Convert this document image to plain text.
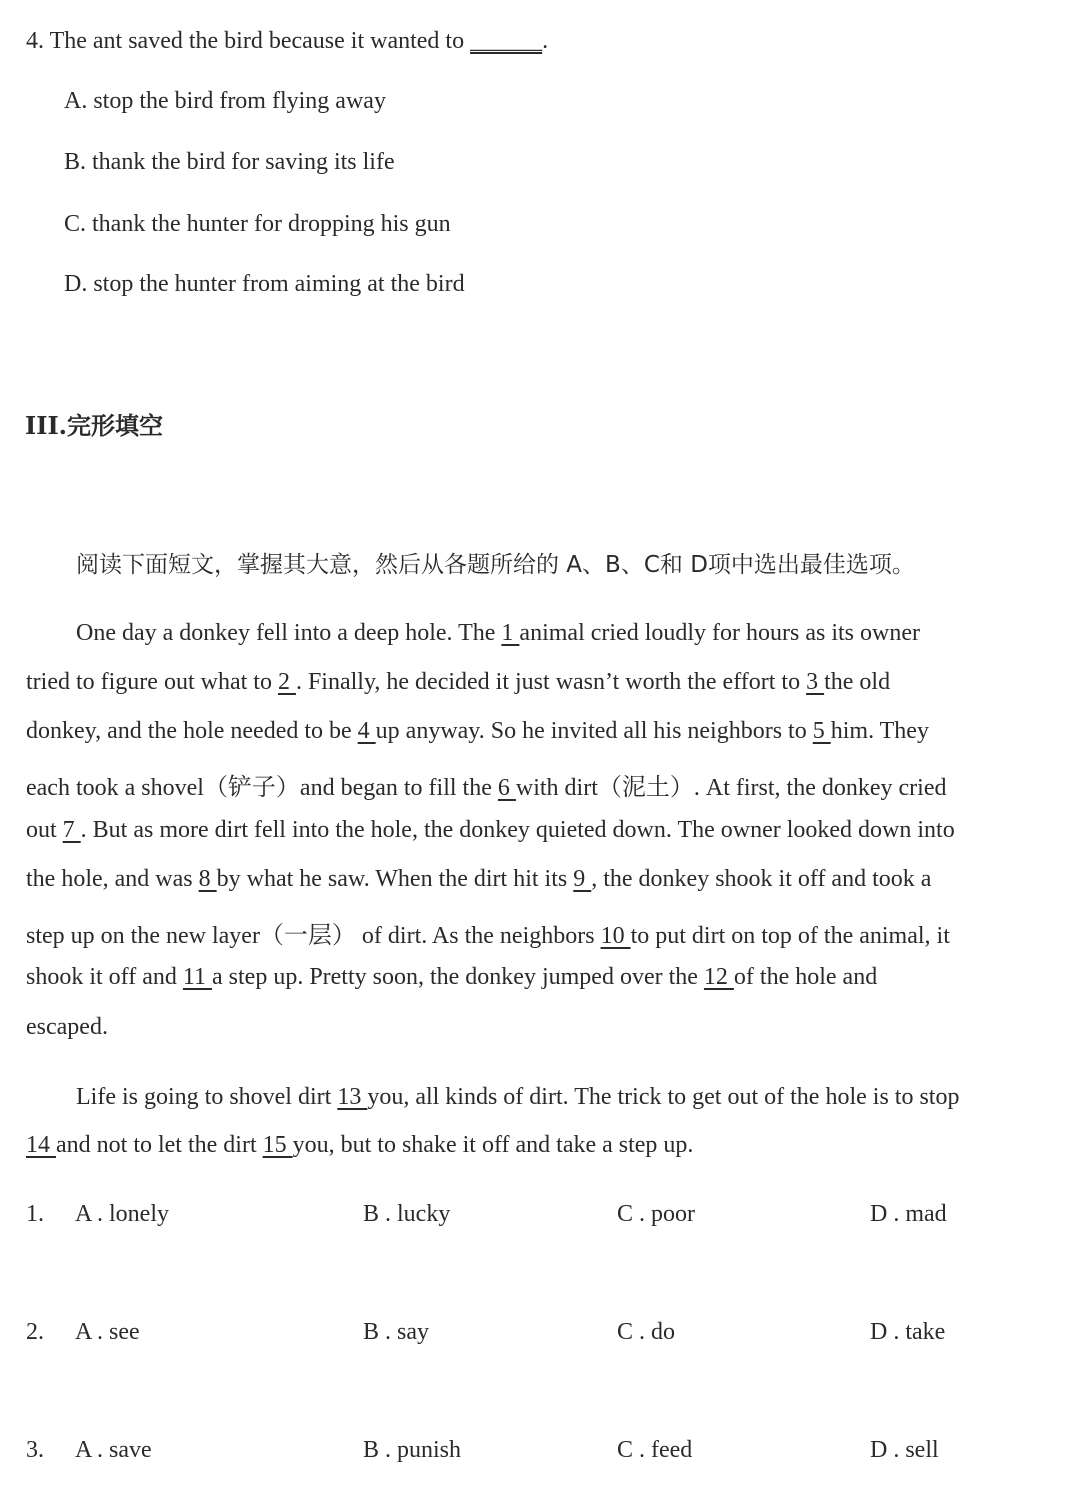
4. The ant saved the bird because it wanted to ______.
A. stop the bird from flying away
B. thank the bird for saving its life
C. thank the hunter for dropping his gun
D. stop the hunter from aiming at the bird
III.完形填空
阅读下面短文，掌握其大意，然后从各题所给的 A、B、C和 D项中选出最佳选项。
One day a donkey fell into a deep hole. The 1 animal cried loudly for hours as its owner
tried to figure out what to 2 . Finally, he decided it just wasn’t worth the effort to 3 the old
donkey, and the hole needed to be 4 up anyway. So he invited all his neighbors to 5 him. They
each took a shovel（铲子）and began to fill the 6 with dirt（泥土）. At first, the donkey cried
out 7 . But as more dirt fell into the hole, the donkey quieted down. The owner looked down into
the hole, and was 8 by what he saw. When the dirt hit its 9 , the donkey shook it off and took a
step up on the new layer（一层） of dirt. As the neighbors 10 to put dirt on top of the animal, it
shook it off and 11 a step up. Pretty soon, the donkey jumped over the 12 of the hole and
escaped.
Life is going to shovel dirt 13 you, all kinds of dirt. The trick to get out of the hole is to stop
14 and not to let the dirt 15 you, but to shake it off and take a step up.
1. A . lonely	B . lucky	C . poor	D . mad
2. A . see	B . say	C . do	D . take
3. A . save	B . punish	C . feed	D . sell
